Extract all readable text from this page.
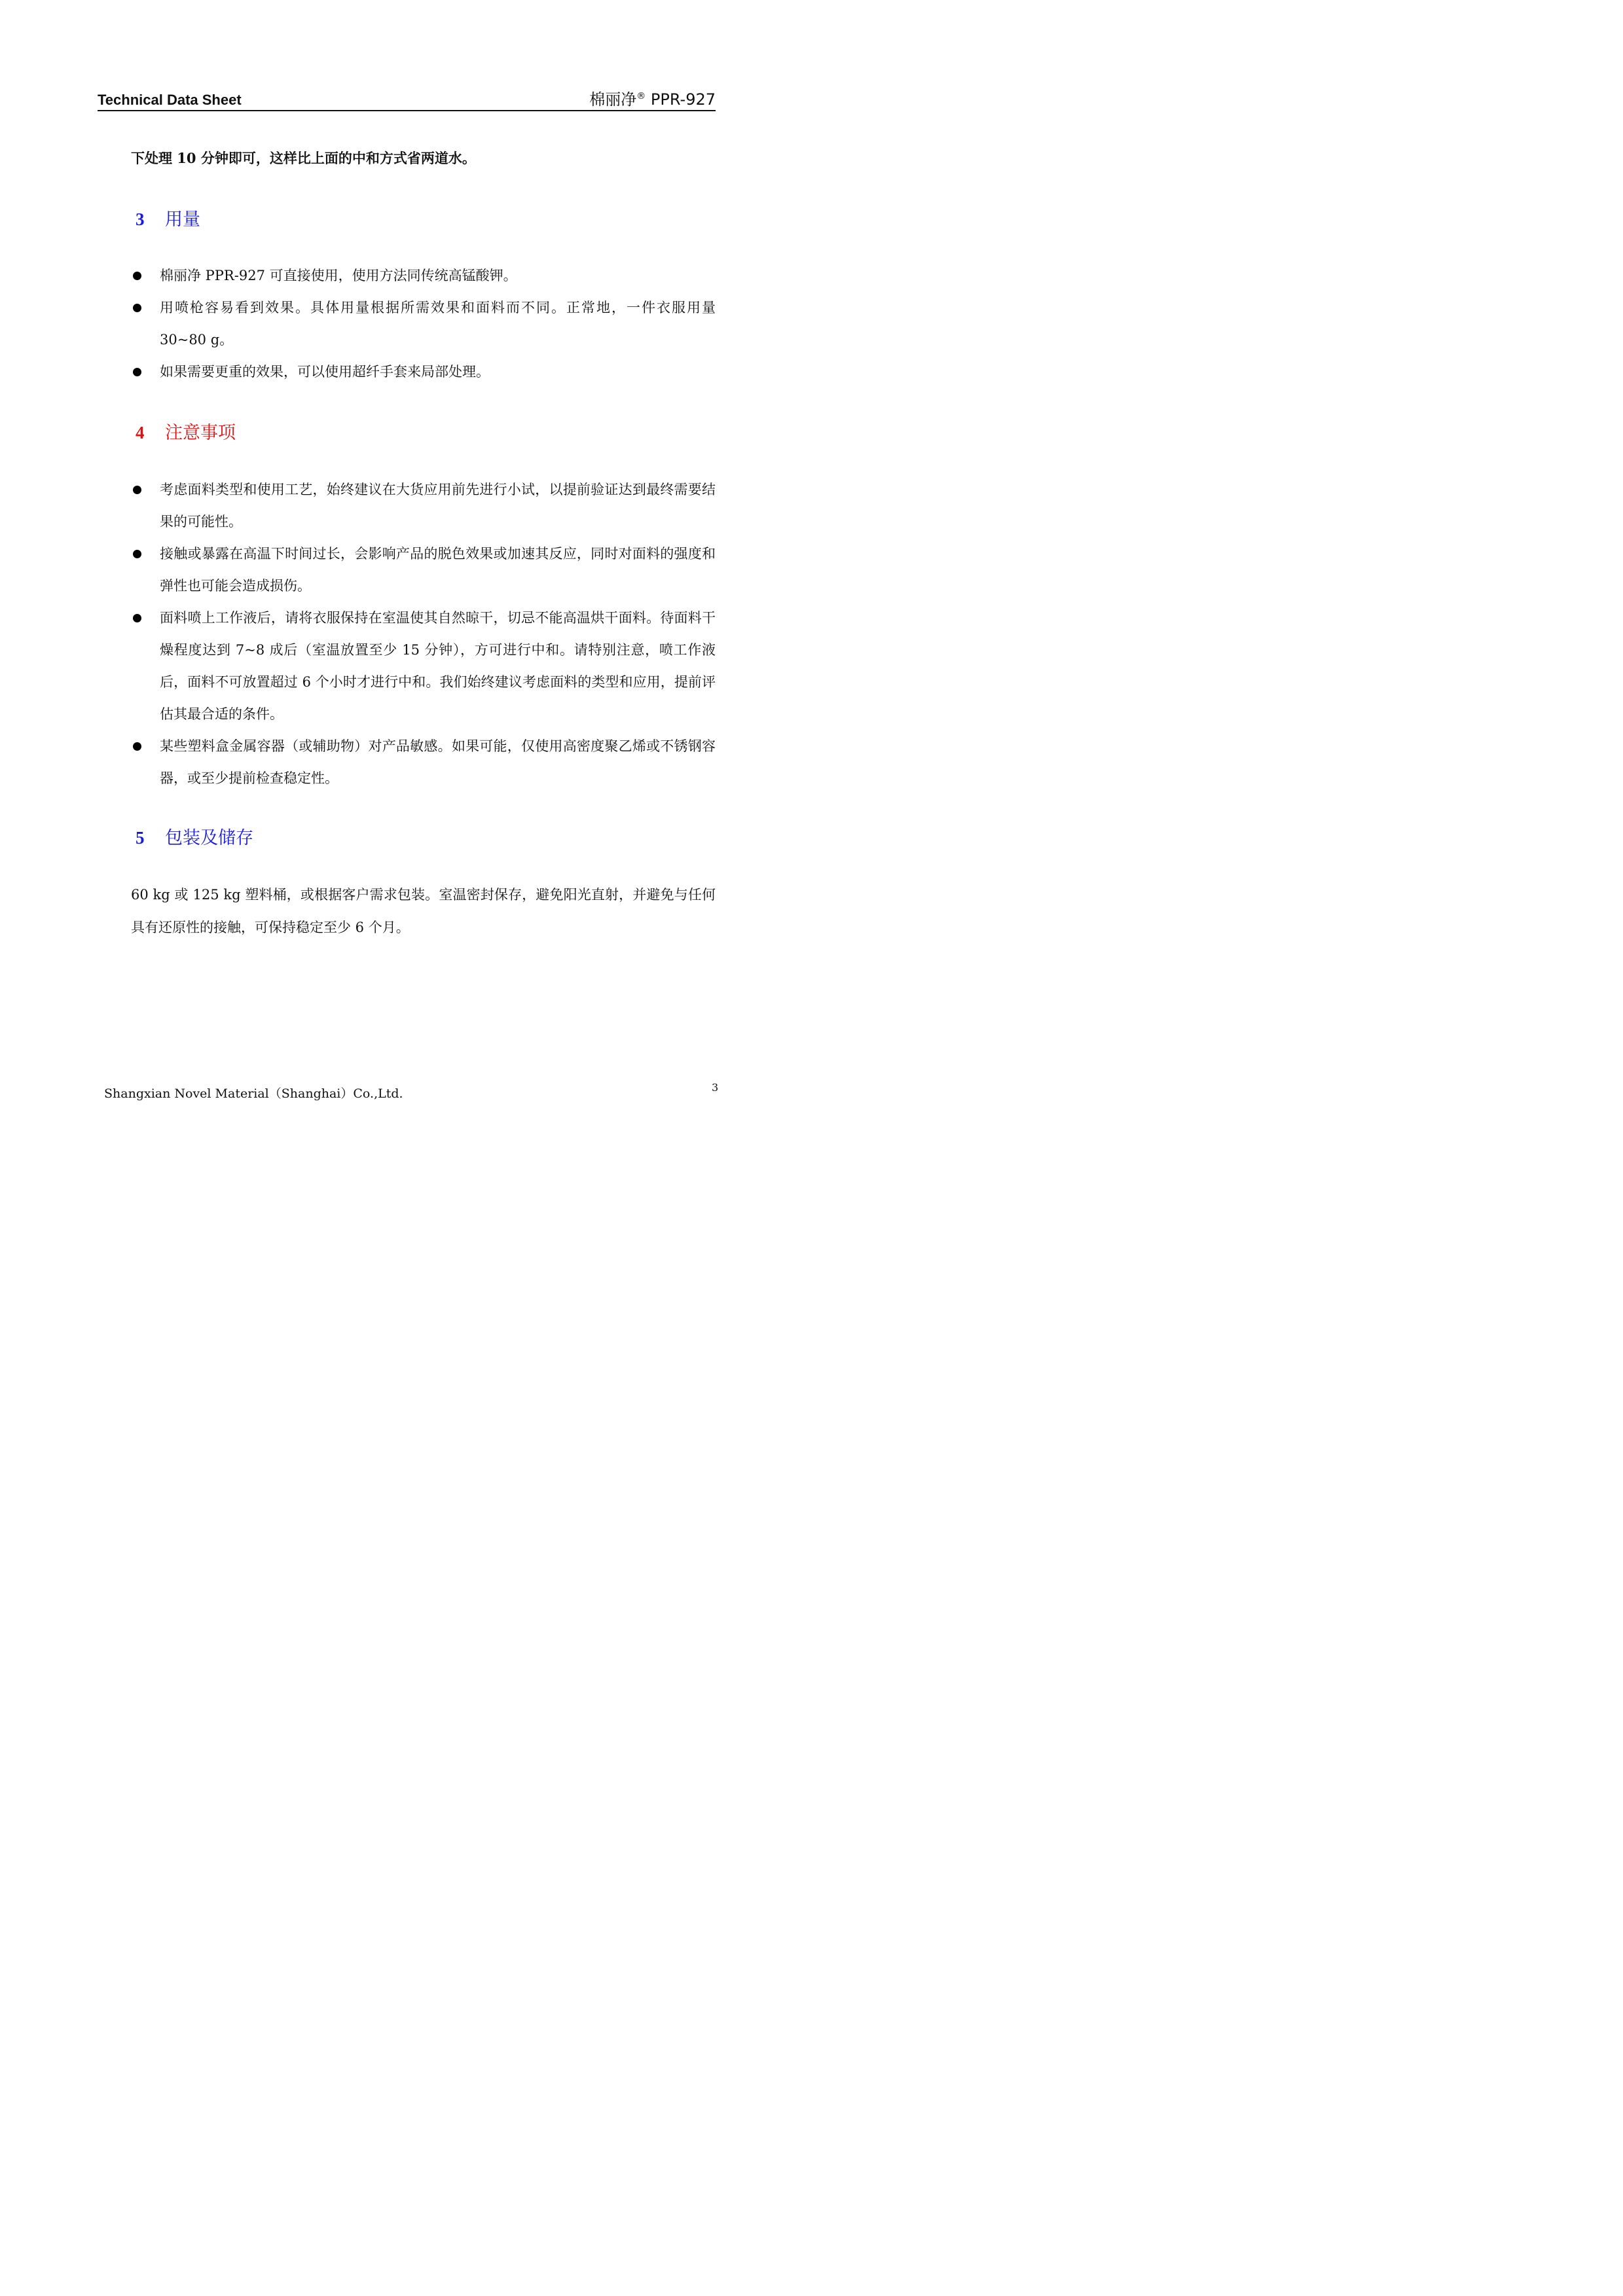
Technical Data Sheet	棉丽净® PPR-927
下处理 10 分钟即可，这样比上面的中和方式省两道水。
3	用量
棉丽净 PPR-927 可直接使用，使用方法同传统高锰酸钾。
用喷枪容易看到效果。具体用量根据所需效果和面料而不同。正常地，一件衣服用量 30~80 g。
如果需要更重的效果，可以使用超纤手套来局部处理。
4	注意事项
考虑面料类型和使用工艺，始终建议在大货应用前先进行小试，以提前验证达到最终需要结果的可能性。
接触或暴露在高温下时间过长，会影响产品的脱色效果或加速其反应，同时对面料的强度和弹性也可能会造成损伤。
面料喷上工作液后，请将衣服保持在室温使其自然晾干，切忌不能高温烘干面料。待面料干燥程度达到 7~8 成后（室温放置至少 15 分钟），方可进行中和。请特别注意，喷工作液后，面料不可放置超过 6 个小时才进行中和。我们始终建议考虑面料的类型和应用，提前评估其最合适的条件。
某些塑料盒金属容器（或辅助物）对产品敏感。如果可能，仅使用高密度聚乙烯或不锈钢容器，或至少提前检查稳定性。
5	包装及储存
60 kg 或 125 kg 塑料桶，或根据客户需求包装。室温密封保存，避免阳光直射，并避免与任何具有还原性的接触，可保持稳定至少 6 个月。
Shangxian Novel Material（Shanghai）Co.,Ltd.	3
